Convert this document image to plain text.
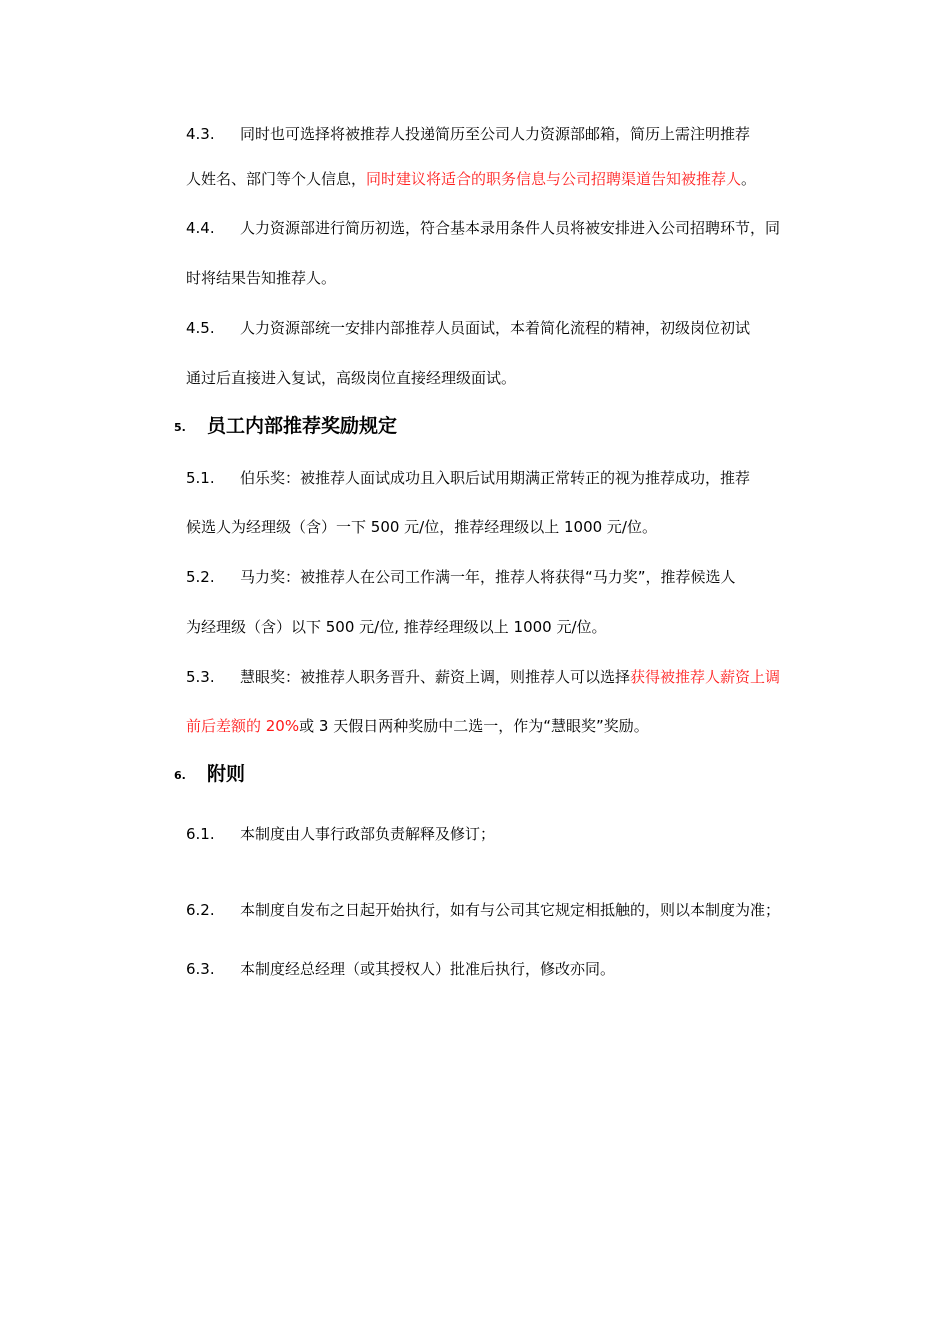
4.3. 同时也可选择将被推荐人投递简历至公司人力资源部邮箱，简历上需注明推荐
人姓名、部门等个人信息，同时建议将适合的职务信息与公司招聘渠道告知被推荐人。
4.4. 人力资源部进行简历初选，符合基本录用条件人员将被安排进入公司招聘环节，同
时将结果告知推荐人。
4.5. 人力资源部统一安排内部推荐人员面试，本着简化流程的精神，初级岗位初试
通过后直接进入复试，高级岗位直接经理级面试。
5. 员工内部推荐奖励规定
5.1. 伯乐奖：被推荐人面试成功且入职后试用期满正常转正的视为推荐成功，推荐
候选人为经理级（含）一下 500 元/位，推荐经理级以上 1000 元/位。
5.2. 马力奖：被推荐人在公司工作满一年，推荐人将获得“马力奖”，推荐候选人
为经理级（含）以下 500 元/位, 推荐经理级以上 1000 元/位。
5.3. 慧眼奖：被推荐人职务晋升、薪资上调，则推荐人可以选择获得被推荐人薪资上调
前后差额的 20%或 3 天假日两种奖励中二选一，作为“慧眼奖”奖励。
6. 附则
6.1. 本制度由人事行政部负责解释及修订；
6.2. 本制度自发布之日起开始执行，如有与公司其它规定相抵触的，则以本制度为准；
6.3. 本制度经总经理（或其授权人）批准后执行，修改亦同。
